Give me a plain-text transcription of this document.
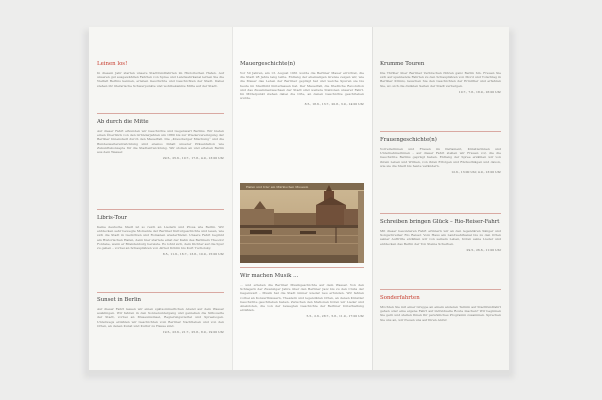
Leinen los!

In diesem Jahr starten unsere Stadtrundfahrten im Historischen Hafen. Auf unseren gut ausgewählten Fahrten von Spree und Landwehrkanal lernen Sie die Vielfalt Berlins kennen, erleben Geschichte und Geschichten der Stadt. Dabei stehen ihr literarische Schwerpunkte und wohlbekannte Mitte auf der Stadt.

Ab durch die Mitte

Auf dieser Fahrt erkunden wir Geschichte und Gegenwart Berlins. Wir bieten einen Überblick von den Gründerjahren um 1880 bis zur Wiedervereinigung der Berliner Innenstadt durch den Mauerfall. Die „Kreuzberger Mischung“ und die Bundesweiterentwicklung sind ebenso Inhalt unserer Präsentation wie Zukunftskonzepte für die Stadtentwicklung. Wir stoßen an und erleben Berlin aus dem Wasser.

29.5., 25.6., 10.7., 17.8., 4.9., 13:00 Uhr
Libris-Tour

Keine deutsche Stadt ist so reich an Liedern und Prosa wie Berlin. Wir entdecken sehr bewegte Momente der Berliner Kulturgeschichte und lesen, wie sich die Stadt in Gedichten und Romanen wiederfindet. Unsere Fahrt beginnt am Historischen Hafen, denn hier startete einst der Kahn des Berliners Theodor Fontane, wenn er Brandenburg bereiste. Es lohnt sich, dem Dichter auf die Spur zu gehen – vorbei an Schauplätzen von Alfred Döblin bis Kurt Tucholsky.

8.5., 11.6., 16.7., 13.8., 10.9., 15:00 Uhr
Sunset in Berlin

Auf dieser Fahrt lassen wir einen spätsommerlichen Abend auf dem Wasser ausklingen. Wir fahren in den Sonnenuntergang und genießen die Silhouette der Stadt, vorbei an Museumsinsel, Regierungsviertel und Spreebogen. Unterwegs erzählen wir Geschichten vom Berliner Nachtleben und von den Orten, an denen Kunst und Kultur zu Hause sind.

19.5., 23.6., 21.7., 25.8., 8.9., 19:00 Uhr
Mauergeschichte(n)

Vor 50 Jahren, am 13. August 1961 wurde die Berliner Mauer errichtet, die die Stadt 28 Jahre lang teilte. Entlang der ehemaligen Grenze zeigen wir, wie die Mauer das Leben der Berliner geprägt hat und welche Spuren sie bis heute im Stadtbild hinterlassen hat. Der Mauerfall, die friedliche Revolution und das Zusammenwachsen der Stadt sind weitere Stationen unserer Fahrt. Im Mittelpunkt stehen dabei die Orte, an denen Geschichte geschrieben wurde.

8.5., 18.6., 13.7., 20.8., 3.9., 14:00 Uhr
Hafen und Ufer am Märkischen Museum
Wir machen Musik ...

... und erleben die Berliner Musikgeschichte auf dem Wasser. Von den Schlagern der Zwanziger Jahre über den Berliner Jazz bis zu den Clubs der Gegenwart – Musik hat die Stadt immer wieder neu erfunden. Wir fahren vorbei an Konzerthäusern, Theatern und legendären Orten, an denen Künstler Geschichte geschrieben haben. Zwischen den Stationen hören wir Lieder und Anekdoten, die von der bewegten Geschichte der Berliner Unterhaltung erzählen.

5.5., 2.6., 28.7., 5.8., 11.9., 17:00 Uhr
Krumme Touren

Die Thriller über Berliner Verbrechen führen ganz Berlin hin. Freuen Sie sich auf spannende Fahrten zu den Schauplätzen von Mord und Totschlag in Berliner Krimis, lauschen Sie den Geschichten der Ermittler und erfahren Sie, wo sich die dunklen Seiten der Stadt verbergen.

10.7., 7.8., 18.9., 16:00 Uhr
Frauengeschichte(n)

Vorreiterinnen und Frauen im Parlament, Künstlerinnen und Unternehmerinnen – auf dieser Fahrt stellen wir Frauen vor, die die Geschichte Berlins geprägt haben. Entlang der Spree erzählen wir von ihrem Leben und Wirken, von ihren Erfolgen und Rückschlägen und davon, wie sie die Stadt bis heute verändern.

12.6., 13:00 Uhr, 4.9., 13:00 Uhr
Schreiben bringen Glück – Rio-Reiser-Fahrt

Mit dieser besonderen Fahrt erinnern wir an den legendären Sänger und Songschreiber Rio Reiser. Vom Haus am Landwehrkanal bis zu den Orten seiner Auftritte erzählen wir von seinem Leben, hören seine Lieder und entdecken das Berlin der Ton Steine Scherben.

29.5., 26.6., 11:00 Uhr
Sonderfahrten

Möchten Sie mit einer Gruppe an einem anderen Termin auf Stadtrundfahrt gehen oder eine eigene Fahrt auf individuelle Route machen? Wir beginnen Sie gern und stellen Ihnen Ihr persönliches Programm zusammen. Sprechen Sie uns an, wir freuen uns auf Ihren Anruf.
